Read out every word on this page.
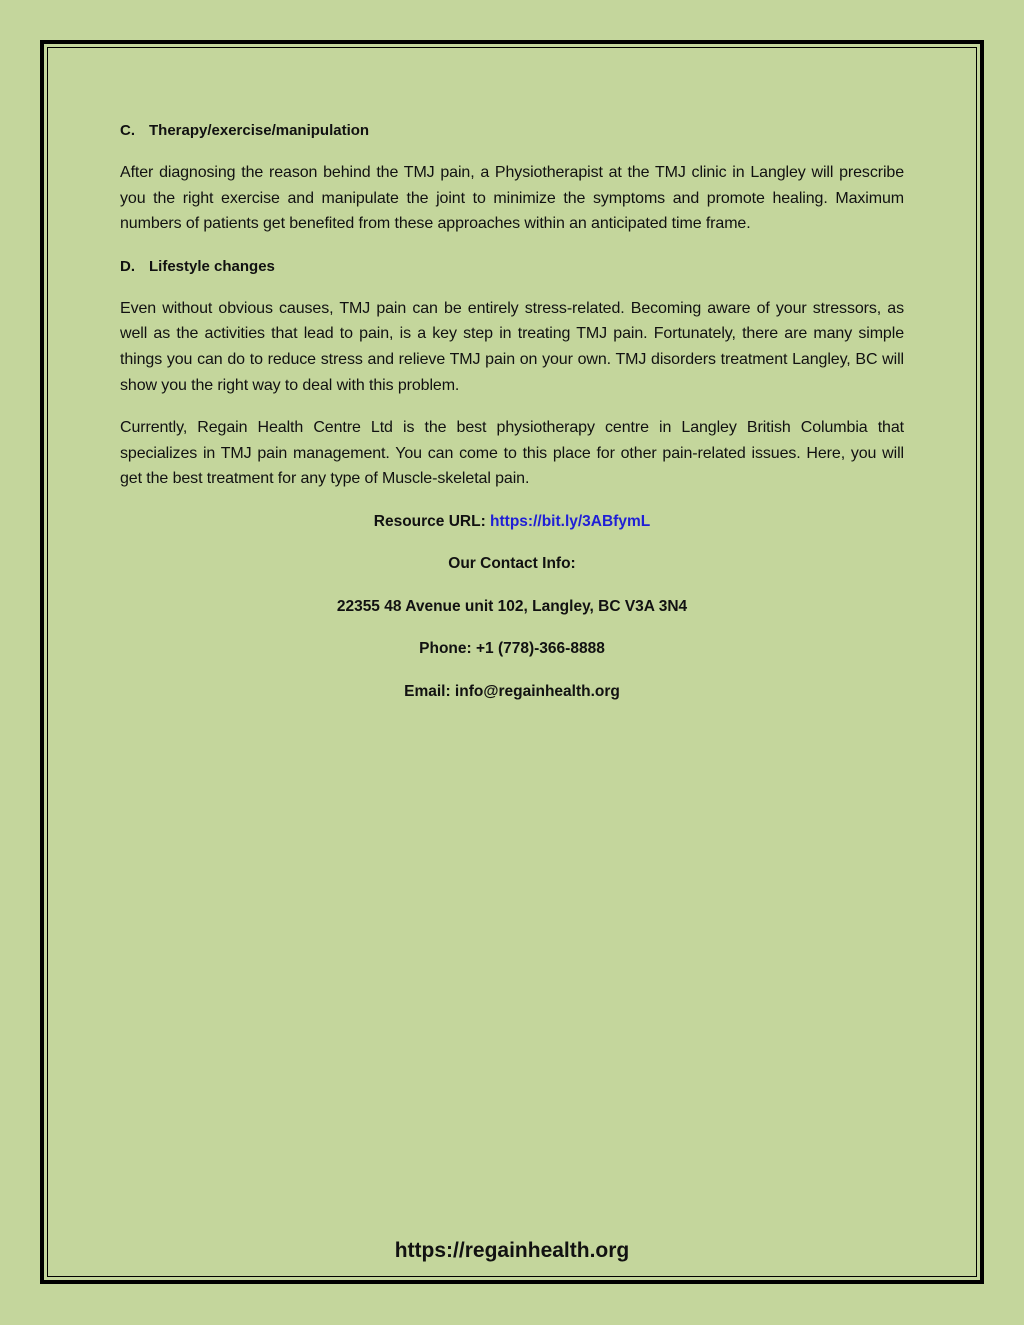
C. Therapy/exercise/manipulation

After diagnosing the reason behind the TMJ pain, a Physiotherapist at the TMJ clinic in Langley will prescribe you the right exercise and manipulate the joint to minimize the symptoms and promote healing. Maximum numbers of patients get benefited from these approaches within an anticipated time frame.

D. Lifestyle changes

Even without obvious causes, TMJ pain can be entirely stress-related. Becoming aware of your stressors, as well as the activities that lead to pain, is a key step in treating TMJ pain. Fortunately, there are many simple things you can do to reduce stress and relieve TMJ pain on your own. TMJ disorders treatment Langley, BC will show you the right way to deal with this problem.

Currently, Regain Health Centre Ltd is the best physiotherapy centre in Langley British Columbia that specializes in TMJ pain management. You can come to this place for other pain-related issues. Here, you will get the best treatment for any type of Muscle-skeletal pain.

Resource URL: https://bit.ly/3ABfymL
Our Contact Info:
22355 48 Avenue unit 102, Langley, BC V3A 3N4
Phone: +1 (778)-366-8888
Email: info@regainhealth.org
https://regainhealth.org
